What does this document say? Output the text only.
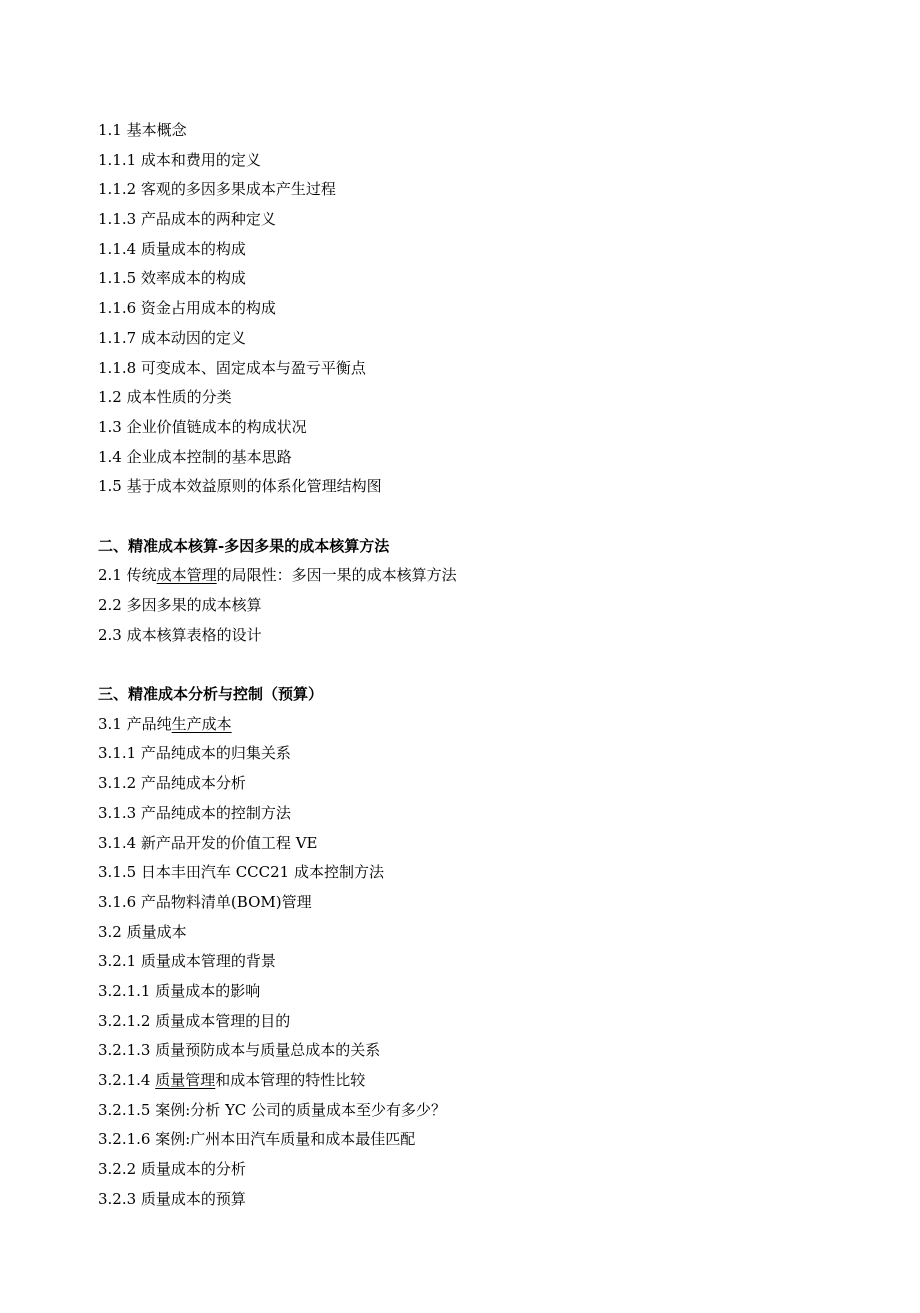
1.1 基本概念
1.1.1 成本和费用的定义
1.1.2 客观的多因多果成本产生过程
1.1.3 产品成本的两种定义
1.1.4 质量成本的构成
1.1.5 效率成本的构成
1.1.6 资金占用成本的构成
1.1.7 成本动因的定义
1.1.8 可变成本、固定成本与盈亏平衡点
1.2 成本性质的分类
1.3 企业价值链成本的构成状况
1.4 企业成本控制的基本思路
1.5 基于成本效益原则的体系化管理结构图
二、精准成本核算-多因多果的成本核算方法
2.1 传统成本管理的局限性：多因一果的成本核算方法
2.2 多因多果的成本核算
2.3 成本核算表格的设计
三、精准成本分析与控制（预算）
3.1 产品纯生产成本
3.1.1 产品纯成本的归集关系
3.1.2 产品纯成本分析
3.1.3 产品纯成本的控制方法
3.1.4 新产品开发的价值工程 VE
3.1.5 日本丰田汽车 CCC21 成本控制方法
3.1.6 产品物料清单(BOM)管理
3.2 质量成本
3.2.1 质量成本管理的背景
3.2.1.1 质量成本的影响
3.2.1.2 质量成本管理的目的
3.2.1.3 质量预防成本与质量总成本的关系
3.2.1.4 质量管理和成本管理的特性比较
3.2.1.5 案例:分析 YC 公司的质量成本至少有多少？
3.2.1.6 案例:广州本田汽车质量和成本最佳匹配
3.2.2 质量成本的分析
3.2.3 质量成本的预算
